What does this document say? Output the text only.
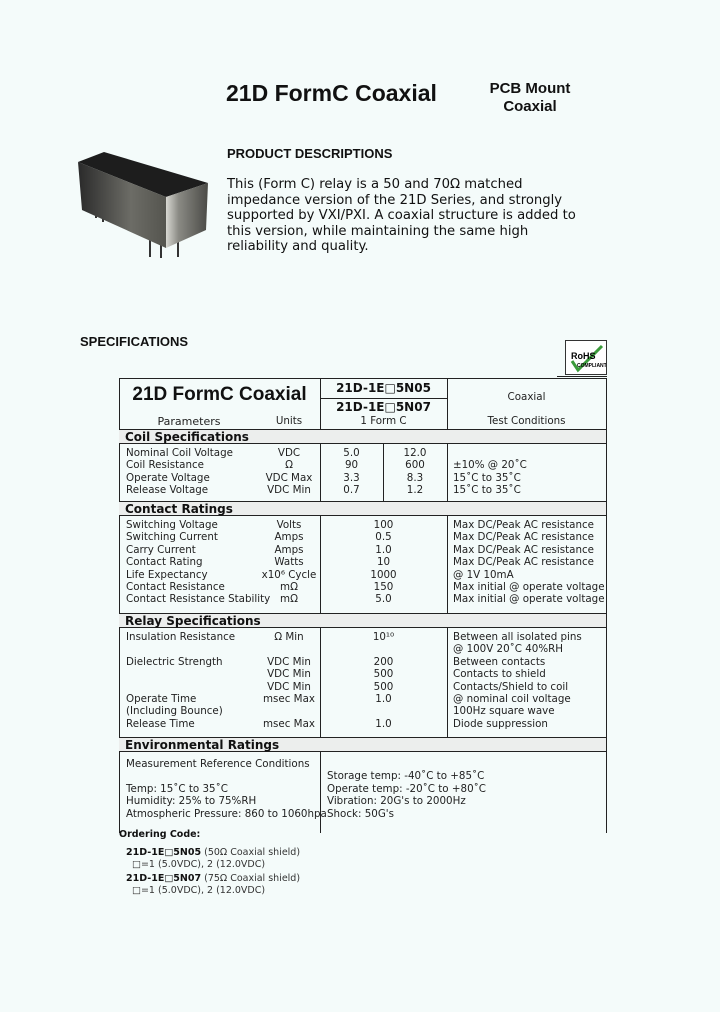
21D FormC Coaxial	PCB Mount
Coaxial
PRODUCT DESCRIPTIONS
This (Form C) relay is a 50 and 70Ω matched impedance version of the 21D Series, and strongly supported by VXI/PXI. A coaxial structure is added to this version, while maintaining the same high reliability and quality.
SPECIFICATIONS
RoHS
COMPLIANT
21D FormC Coaxial	21D-1E□5N05
21D-1E□5N07
Coaxial
Parameters	Units	1 Form C	Test Conditions
Coil Specifications
Nominal Coil Voltage	VDC	5.0	12.0
Coil Resistance	Ω	90	600	±10% @ 20˚C
Operate Voltage	VDC Max	3.3	8.3	15˚C to 35˚C
Release Voltage	VDC Min	0.7	1.2	15˚C to 35˚C
Contact Ratings
Switching Voltage	Volts	100	Max DC/Peak AC resistance
Switching Current	Amps	0.5	Max DC/Peak AC resistance
Carry Current	Amps	1.0	Max DC/Peak AC resistance
Contact Rating	Watts	10	Max DC/Peak AC resistance
Life Expectancy	x10⁶ Cycle	1000	@ 1V 10mA
Contact Resistance	mΩ	150	Max initial @ operate voltage
Contact Resistance Stability mΩ	5.0	Max initial @ operate voltage
Relay Specifications
Insulation Resistance	Ω Min	10¹⁰	Between all isolated pins
@ 100V 20˚C 40%RH
Dielectric Strength	VDC Min	200	Between contacts
VDC Min	500	Contacts to shield
VDC Min	500	Contacts/Shield to coil
Operate Time	msec Max	1.0	@ nominal coil voltage
(Including Bounce)	100Hz square wave
Release Time	msec Max	1.0	Diode suppression
Environmental Ratings
Measurement Reference Conditions
Temp: 15˚C to 35˚C
Humidity: 25% to 75%RH
Atmospheric Pressure: 860 to 1060hpa
Storage temp: -40˚C to +85˚C
Operate temp: -20˚C to +80˚C
Vibration: 20G's to 2000Hz
Shock: 50G's
Ordering Code:
21D-1E□5N05 (50Ω Coaxial shield)
□=1 (5.0VDC), 2 (12.0VDC)
21D-1E□5N07 (75Ω Coaxial shield)
□=1 (5.0VDC), 2 (12.0VDC)
